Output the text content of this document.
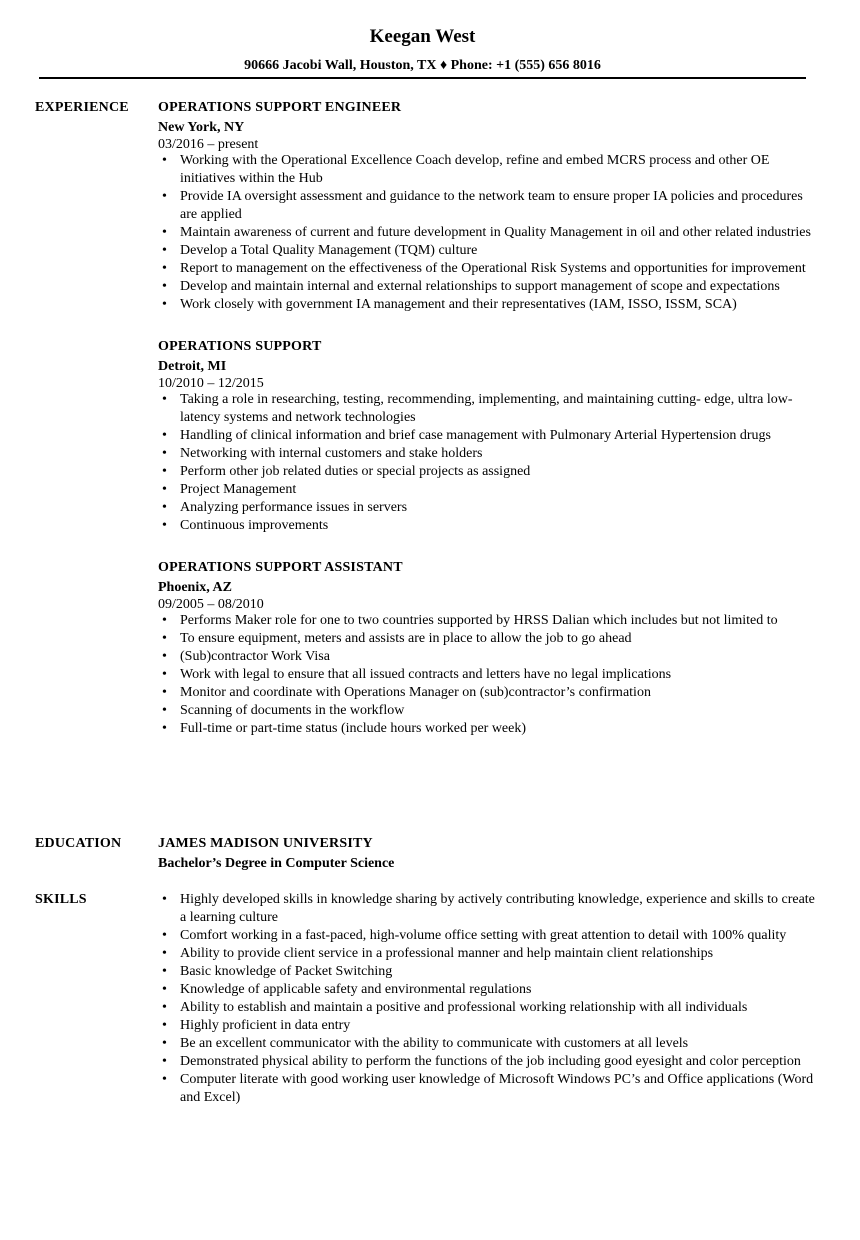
Keegan West
90666 Jacobi Wall, Houston, TX ♦ Phone: +1 (555) 656 8016
EXPERIENCE OPERATIONS SUPPORT ENGINEER
New York, NY
03/2016 – present
• Working with the Operational Excellence Coach develop, refine and embed MCRS process and other OE initiatives within the Hub
• Provide IA oversight assessment and guidance to the network team to ensure proper IA policies and procedures are applied
• Maintain awareness of current and future development in Quality Management in oil and other related industries
• Develop a Total Quality Management (TQM) culture
• Report to management on the effectiveness of the Operational Risk Systems and opportunities for improvement
• Develop and maintain internal and external relationships to support management of scope and expectations
• Work closely with government IA management and their representatives (IAM, ISSO, ISSM, SCA)
OPERATIONS SUPPORT
Detroit, MI
10/2010 – 12/2015
• Taking a role in researching, testing, recommending, implementing, and maintaining cutting- edge, ultra low-latency systems and network technologies
• Handling of clinical information and brief case management with Pulmonary Arterial Hypertension drugs
• Networking with internal customers and stake holders
• Perform other job related duties or special projects as assigned
• Project Management
• Analyzing performance issues in servers
• Continuous improvements
OPERATIONS SUPPORT ASSISTANT
Phoenix, AZ
09/2005 – 08/2010
• Performs Maker role for one to two countries supported by HRSS Dalian which includes but not limited to
• To ensure equipment, meters and assists are in place to allow the job to go ahead
• (Sub)contractor Work Visa
• Work with legal to ensure that all issued contracts and letters have no legal implications
• Monitor and coordinate with Operations Manager on (sub)contractor’s confirmation
• Scanning of documents in the workflow
• Full-time or part-time status (include hours worked per week)
EDUCATION	JAMES MADISON UNIVERSITY
Bachelor’s Degree in Computer Science
SKILLS	• Highly developed skills in knowledge sharing by actively contributing knowledge, experience and skills to create a learning culture
• Comfort working in a fast-paced, high-volume office setting with great attention to detail with 100% quality
• Ability to provide client service in a professional manner and help maintain client relationships
• Basic knowledge of Packet Switching
• Knowledge of applicable safety and environmental regulations
• Ability to establish and maintain a positive and professional working relationship with all individuals
• Highly proficient in data entry
• Be an excellent communicator with the ability to communicate with customers at all levels
• Demonstrated physical ability to perform the functions of the job including good eyesight and color perception
• Computer literate with good working user knowledge of Microsoft Windows PC’s and Office applications (Word and Excel)
